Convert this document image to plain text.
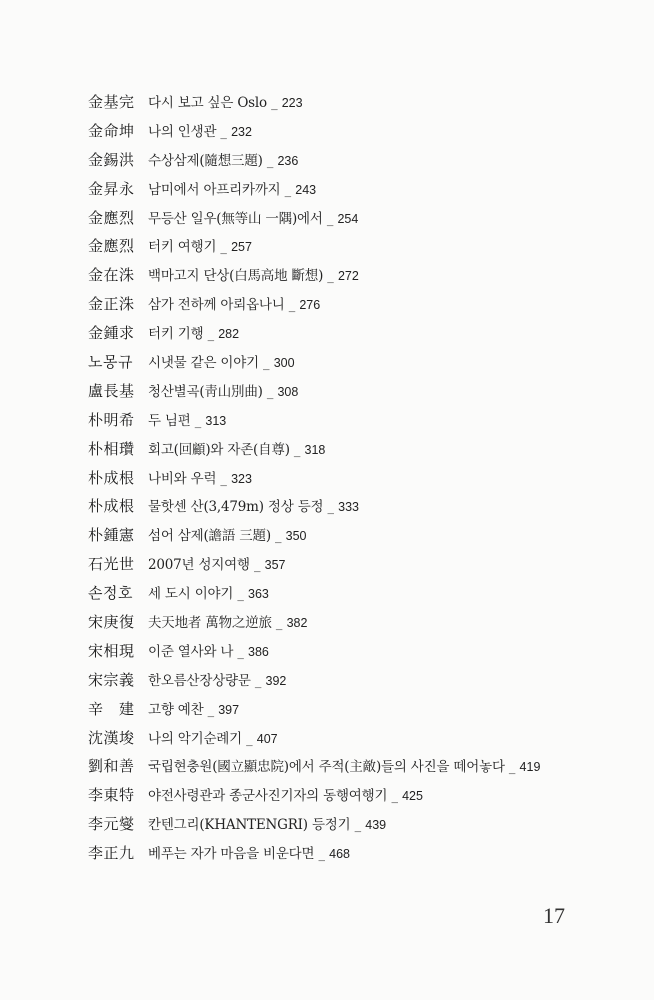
金基完 다시 보고 싶은 Oslo _ 223
金命坤 나의 인생관 _ 232
金錫洪 수상삼제(隨想三題) _ 236
金昇永 남미에서 아프리카까지 _ 243
金應烈 무등산 일우(無等山 一隅)에서 _ 254
金應烈 터키 여행기 _ 257
金在洙 백마고지 단상(白馬高地 斷想) _ 272
金正洙 삼가 전하께 아뢰옵나니 _ 276
金鍾求 터키 기행 _ 282
노몽규	시냇물 같은 이야기 _ 300
盧長基 청산별곡(靑山別曲) _ 308
朴明希 두 님편 _ 313
朴相瓚 회고(回顧)와 자존(自尊) _ 318
朴成根 나비와 우럭 _ 323
朴成根 물핫센 산(3,479m) 정상 등정 _ 333
朴鍾憲 섬어 삼제(譫語 三題) _ 350
石光世 2007년 성지여행 _ 357
손정호	세 도시 이야기 _ 363
宋庚復 夫天地者 萬物之逆旅 _ 382
宋相現 이준 열사와 나 _ 386
宋宗義 한오름산장상량문 _ 392
辛　建 고향 예찬 _ 397
沈漢埈 나의 악기순례기 _ 407
劉和善 국립현충원(國立顯忠院)에서 주적(主敵)들의 사진을 떼어놓다 _ 419
李東特 야전사령관과 종군사진기자의 동행여행기 _ 425
李元燮 칸텐그리(KHANTENGRI) 등정기 _ 439
李正九 베푸는 자가 마음을 비운다면 _ 468
17
